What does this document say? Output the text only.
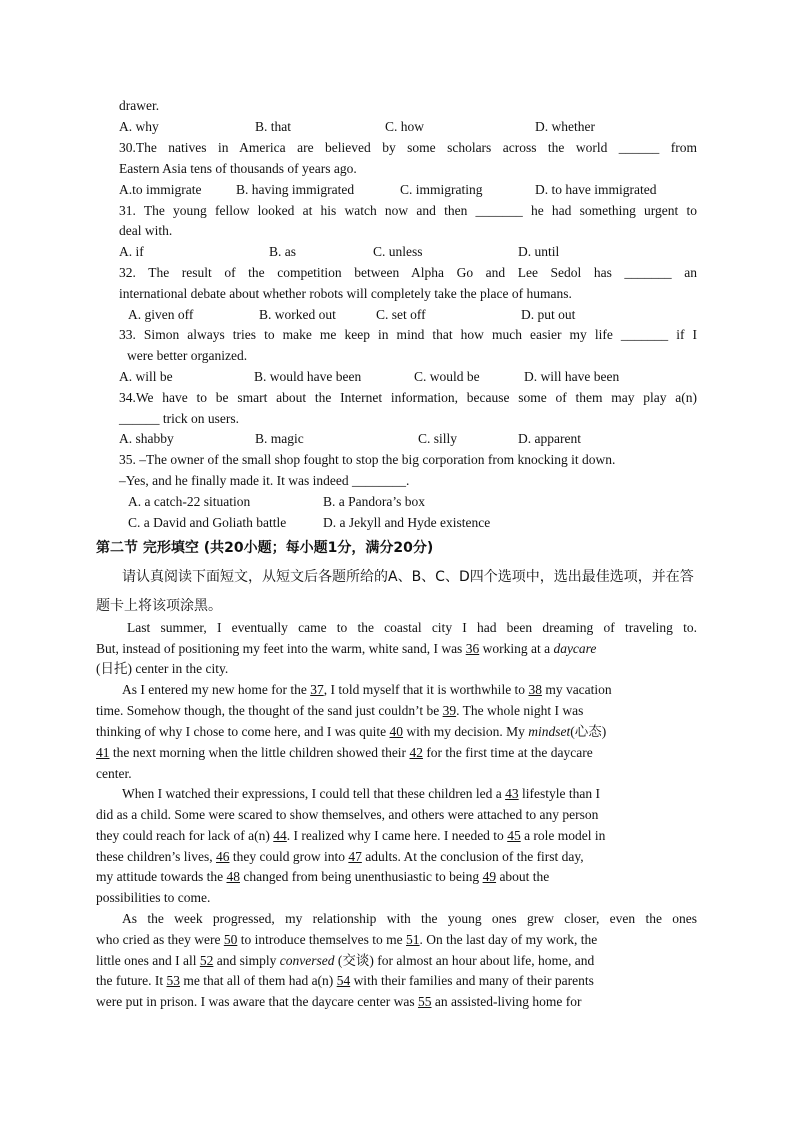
drawer.
A. why	B. that	C. how	D. whether
30.The natives in America are believed by some scholars across the world ______ from
Eastern Asia tens of thousands of years ago.
A.to immigrate	B. having immigrated	C. immigrating	D. to have immigrated
31. The young fellow looked at his watch now and then _______ he had something urgent to
deal with.
A. if	B. as	C. unless	D. until
32. The result of the competition between Alpha Go and Lee Sedol has _______ an
international debate about whether robots will completely take the place of humans.
A. given off	B. worked out	C. set off	D. put out
33. Simon always tries to make me keep in mind that how much easier my life _______ if I
were better organized.
A. will be	B. would have been	C. would be	D. will have been
34.We have to be smart about the Internet information, because some of them may play a(n)
______ trick on users.
A. shabby	B. magic	C. silly	D. apparent
35. –The owner of the small shop fought to stop the big corporation from knocking it down.
–Yes, and he finally made it. It was indeed ________.
A. a catch-22 situation	B. a Pandora’s box
C. a David and Goliath battle	D. a Jekyll and Hyde existence
第二节 完形填空 (共20小题；每小题1分，满分20分)
请认真阅读下面短文，从短文后各题所给的A、B、C、D四个选项中，选出最佳选项，并在答
题卡上将该项涂黑。
Last summer, I eventually came to the coastal city I had been dreaming of traveling to.
But, instead of positioning my feet into the warm, white sand, I was 36 working at a daycare
(日托) center in the city.
As I entered my new home for the 37, I told myself that it is worthwhile to 38 my vacation
time. Somehow though, the thought of the sand just couldn’t be 39. The whole night I was
thinking of why I chose to come here, and I was quite 40 with my decision. My mindset(心态)
41 the next morning when the little children showed their 42 for the first time at the daycare
center.
When I watched their expressions, I could tell that these children led a 43 lifestyle than I
did as a child. Some were scared to show themselves, and others were attached to any person
they could reach for lack of a(n) 44. I realized why I came here. I needed to 45 a role model in
these children’s lives, 46 they could grow into 47 adults. At the conclusion of the first day,
my attitude towards the 48 changed from being unenthusiastic to being 49 about the
possibilities to come.
As the week progressed, my relationship with the young ones grew closer, even the ones
who cried as they were 50 to introduce themselves to me 51. On the last day of my work, the
little ones and I all 52 and simply conversed (交谈) for almost an hour about life, home, and
the future. It 53 me that all of them had a(n) 54 with their families and many of their parents
were put in prison. I was aware that the daycare center was 55 an assisted-living home for
